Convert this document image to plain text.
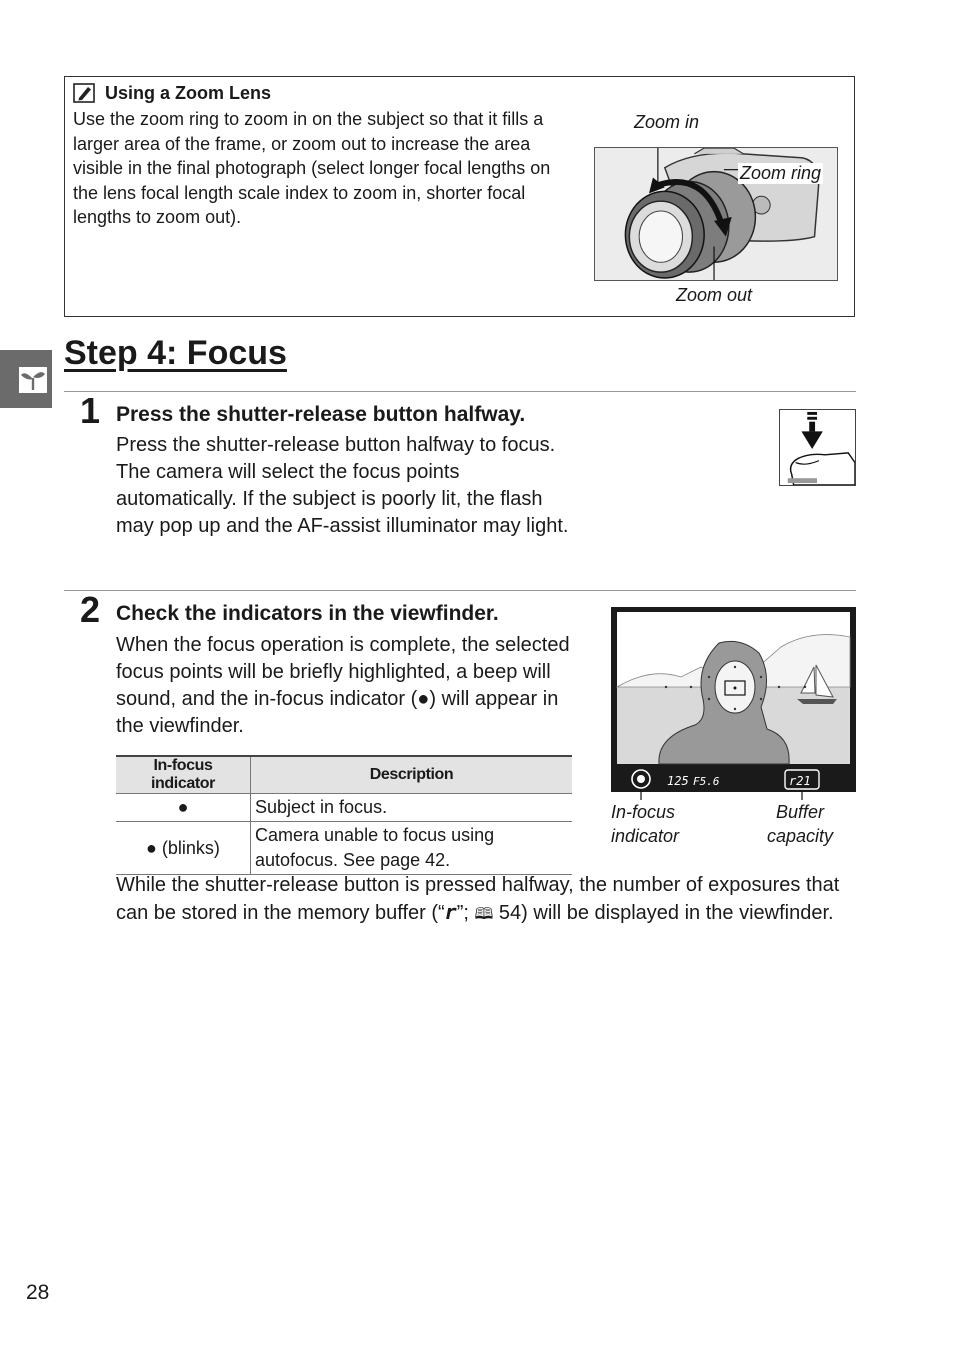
Using a Zoom Lens
Use the zoom ring to zoom in on the subject so that it fills a larger area of the frame, or zoom out to increase the area visible in the final photograph (select longer focal lengths on the lens focal length scale index to zoom in, shorter focal lengths to zoom out).
Zoom in
Zoom ring
Zoom out
Step 4: Focus
1 Press the shutter-release button halfway.
Press the shutter-release button halfway to focus. The camera will select the focus points automatically. If the subject is poorly lit, the flash may pop up and the AF-assist illuminator may light.
2 Check the indicators in the viewfinder.
When the focus operation is complete, the selected focus points will be briefly highlighted, a beep will sound, and the in-focus indicator (●) will appear in the viewfinder.
125 F5.6	r21
In-focus indicator
Buffer capacity
In-focus indicator	Description
●	Subject in focus.
● (blinks)	Camera unable to focus using autofocus. See page 42.
While the shutter-release button is pressed halfway, the number of exposures that can be stored in the memory buffer (“r”; 🕮 54) will be displayed in the viewfinder.
28
